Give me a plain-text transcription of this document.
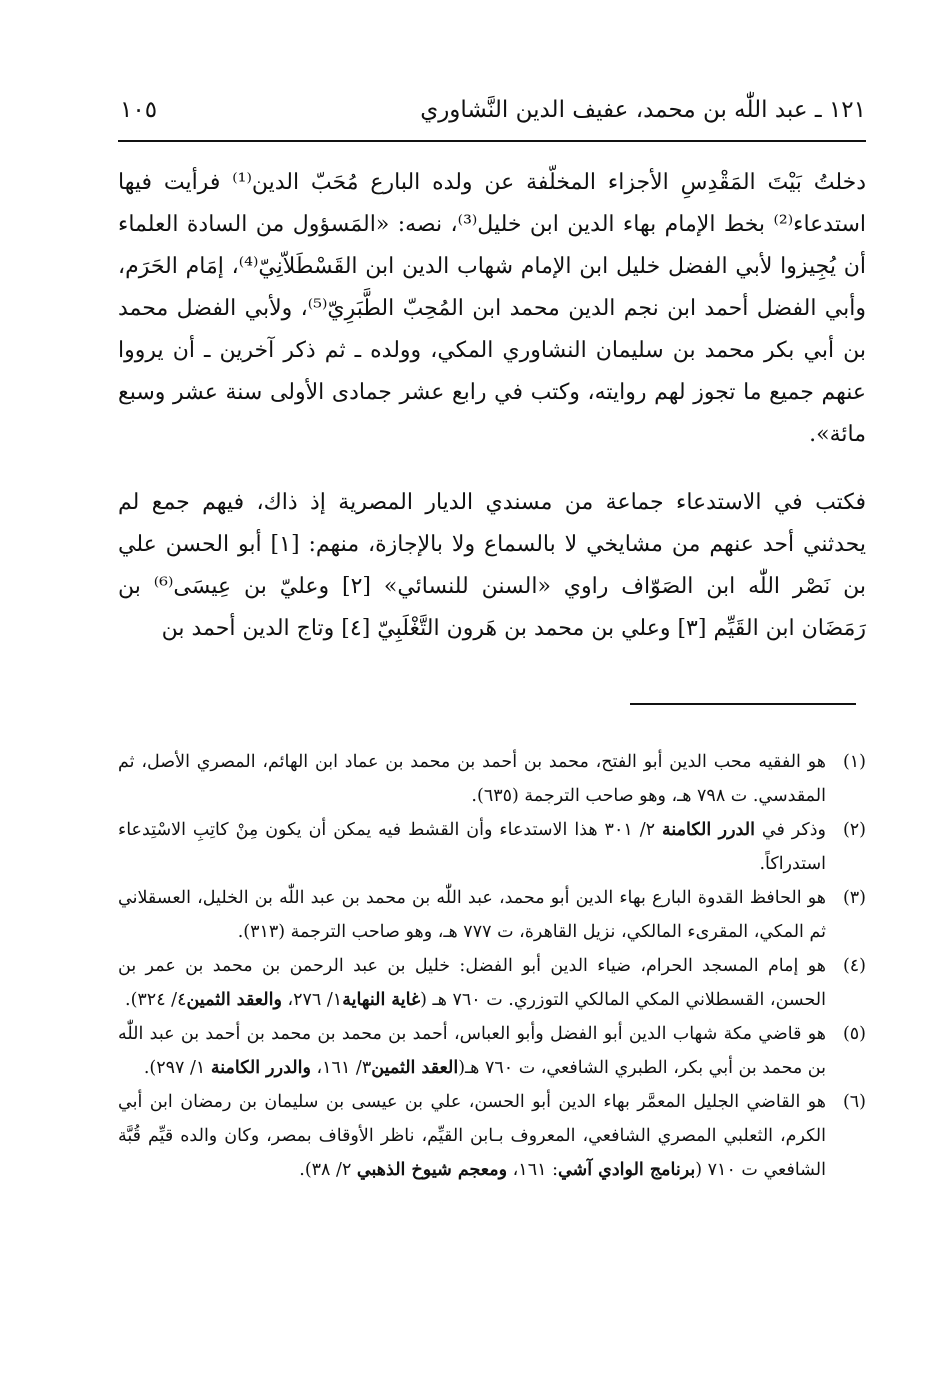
١٢١ ـ عبد اللّٰه بن محمد، عفيف الدين النَّشاوري
١٠٥

دخلتُ بَيْتَ المَقْدِسِ الأجزاء المخلّفة عن ولده البارع مُحَبّ الدين⁽¹⁾ فرأيت فيها استدعاء⁽²⁾ بخط الإمام بهاء الدين ابن خليل⁽³⁾، نصه: «المَسؤول من السادة العلماء أن يُجِيزوا لأبي الفضل خليل ابن الإمام شهاب الدين ابن القَسْطَلاّنِيّ⁽⁴⁾، إمَام الحَرَم، وأبي الفضل أحمد ابن نجم الدين محمد ابن المُحِبّ الطَّبَرِيّ⁽⁵⁾، ولأبي الفضل محمد بن أبي بكر محمد بن سليمان النشاوري المكي، وولده ـ ثم ذكر آخرين ـ أن يرووا عنهم جميع ما تجوز لهم روايته، وكتب في رابع عشر جمادى الأولى سنة عشر وسبع مائة».

فكتب في الاستدعاء جماعة من مسندي الديار المصرية إذ ذاك، فيهم جمع لم يحدثني أحد عنهم من مشايخي لا بالسماع ولا بالإجازة، منهم: [١] أبو الحسن علي بن نَصْر اللّٰه ابن الصَوّاف راوي «السنن للنسائي» [٢] وعليّ بن عِيسَى⁽⁶⁾ بن رَمَضَان ابن القَيِّم [٣] وعلي بن محمد بن هَرون التَّغْلَبِيّ [٤] وتاج الدين أحمد بن

(١)
هو الفقيه محب الدين أبو الفتح، محمد بن أحمد بن محمد بن عماد ابن الهائم، المصري الأصل، ثم المقدسي. ت ٧٩٨ هـ، وهو صاحب الترجمة (٦٣٥).

(٢)
وذكر في الدرر الكامنة ٢/ ٣٠١ هذا الاستدعاء وأن القشط فيه يمكن أن يكون مِنْ كاتِبِ الاسْتِدعاء استدراكاً.

(٣)
هو الحافظ القدوة البارع بهاء الدين أبو محمد، عبد اللّٰه بن محمد بن عبد اللّٰه بن الخليل، العسقلاني ثم المكي، المقرىء المالكي، نزيل القاهرة، ت ٧٧٧ هـ، وهو صاحب الترجمة (٣١٣).

(٤)
هو إمام المسجد الحرام، ضياء الدين أبو الفضل: خليل بن عبد الرحمن بن محمد بن عمر بن الحسن، القسطلاني المكي المالكي التوزري. ت ٧٦٠ هـ (غاية النهاية١/ ٢٧٦، والعقد الثمين٤/ ٣٢٤).

(٥)
هو قاضي مكة شهاب الدين أبو الفضل وأبو العباس، أحمد بن محمد بن محمد بن أحمد بن عبد اللّٰه بن محمد بن أبي بكر، الطبري الشافعي، ت ٧٦٠ هـ(العقد الثمين٣/ ١٦١، والدرر الكامنة ١/ ٢٩٧).

(٦)
هو القاضي الجليل المعمَّر بهاء الدين أبو الحسن، علي بن عيسى بن سليمان بن رمضان ابن أبي الكرم، الثعلبي المصري الشافعي، المعروف بـابن القيِّم، ناظر الأوقاف بمصر، وكان والده قيِّم قُبَّة الشافعي ت ٧١٠ (برنامج الوادي آشي: ١٦١، ومعجم شيوخ الذهبي ٢/ ٣٨).
